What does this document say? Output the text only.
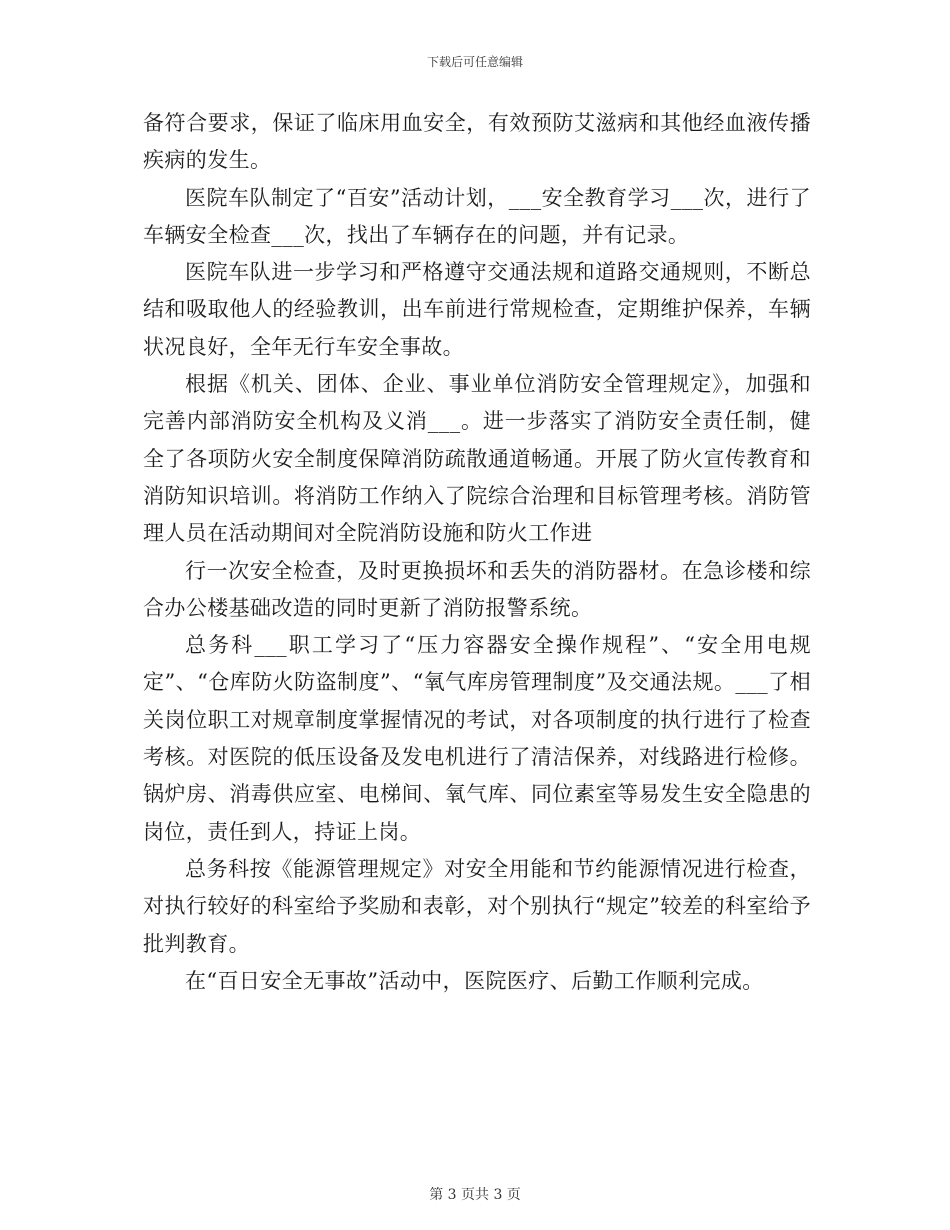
下载后可任意编辑

备符合要求，保证了临床用血安全，有效预防艾滋病和其他经血液传播疾病的发生。

医院车队制定了“百安”活动计划，___安全教育学习___次，进行了车辆安全检查___次，找出了车辆存在的问题，并有记录。

医院车队进一步学习和严格遵守交通法规和道路交通规则，不断总结和吸取他人的经验教训，出车前进行常规检查，定期维护保养，车辆状况良好，全年无行车安全事故。

根据《机关、团体、企业、事业单位消防安全管理规定》，加强和完善内部消防安全机构及义消___。进一步落实了消防安全责任制，健全了各项防火安全制度保障消防疏散通道畅通。开展了防火宣传教育和消防知识培训。将消防工作纳入了院综合治理和目标管理考核。消防管理人员在活动期间对全院消防设施和防火工作进

行一次安全检查，及时更换损坏和丢失的消防器材。在急诊楼和综合办公楼基础改造的同时更新了消防报警系统。

总务科___职工学习了“压力容器安全操作规程”、“安全用电规定”、“仓库防火防盗制度”、“氧气库房管理制度”及交通法规。___了相关岗位职工对规章制度掌握情况的考试，对各项制度的执行进行了检查考核。对医院的低压设备及发电机进行了清洁保养，对线路进行检修。锅炉房、消毒供应室、电梯间、氧气库、同位素室等易发生安全隐患的岗位，责任到人，持证上岗。

总务科按《能源管理规定》对安全用能和节约能源情况进行检查，对执行较好的科室给予奖励和表彰，对个别执行“规定”较差的科室给予批判教育。

在“百日安全无事故”活动中，医院医疗、后勤工作顺利完成。

第 3 页共 3 页
